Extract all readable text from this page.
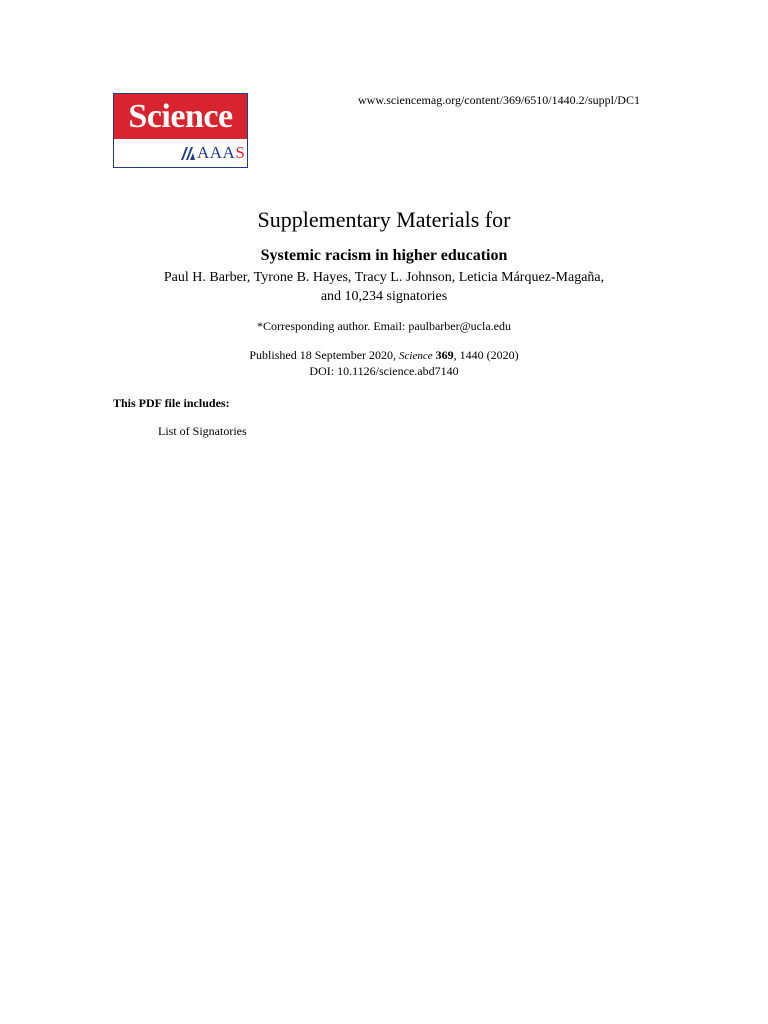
Science
AAAS
www.sciencemag.org/content/369/6510/1440.2/suppl/DC1
Supplementary Materials for
Systemic racism in higher education
Paul H. Barber, Tyrone B. Hayes, Tracy L. Johnson, Leticia Márquez-Magaña,
and 10,234 signatories
*Corresponding author. Email: paulbarber@ucla.edu
Published 18 September 2020, Science 369, 1440 (2020)
DOI: 10.1126/science.abd7140
This PDF file includes:
List of Signatories
